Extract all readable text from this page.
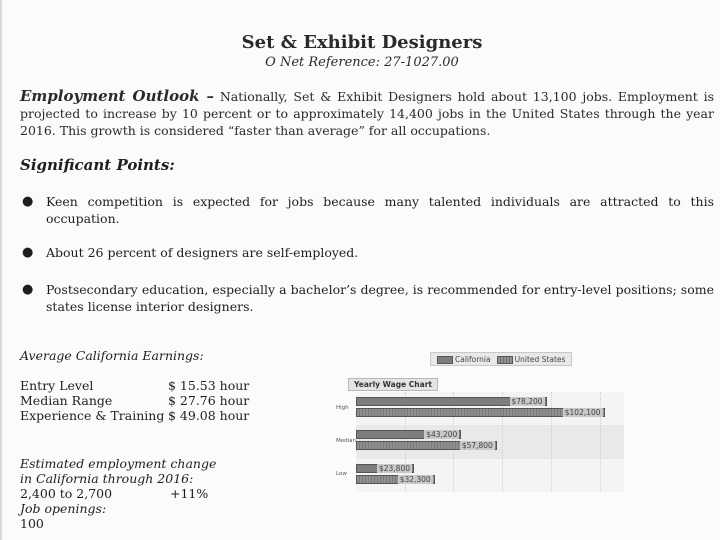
Set & Exhibit Designers
O Net Reference: 27-1027.00
Employment Outlook – Nationally, Set & Exhibit Designers hold about 13,100 jobs. Employment is projected to increase by 10 percent or to approximately 14,400 jobs in the United States through the year 2016. This growth is considered “faster than average” for all occupations.
Significant Points:
● Keen competition is expected for jobs because many talented individuals are attracted to this occupation.
● About 26 percent of designers are self-employed.
● Postsecondary education, especially a bachelor’s degree, is recommended for entry-level positions; some states license interior designers.
Average California Earnings:
Entry Level	$ 15.53 hour
Median Range	$ 27.76 hour
Experience & Training $ 49.08 hour
Estimated employment change
in California through 2016:
2,400 to 2,700	+11%
Job openings:
100
California	United States
Yearly Wage Chart
High
$78,200
$102,100
Median
$43,200
$57,800
Low
$23,800
$32,300
